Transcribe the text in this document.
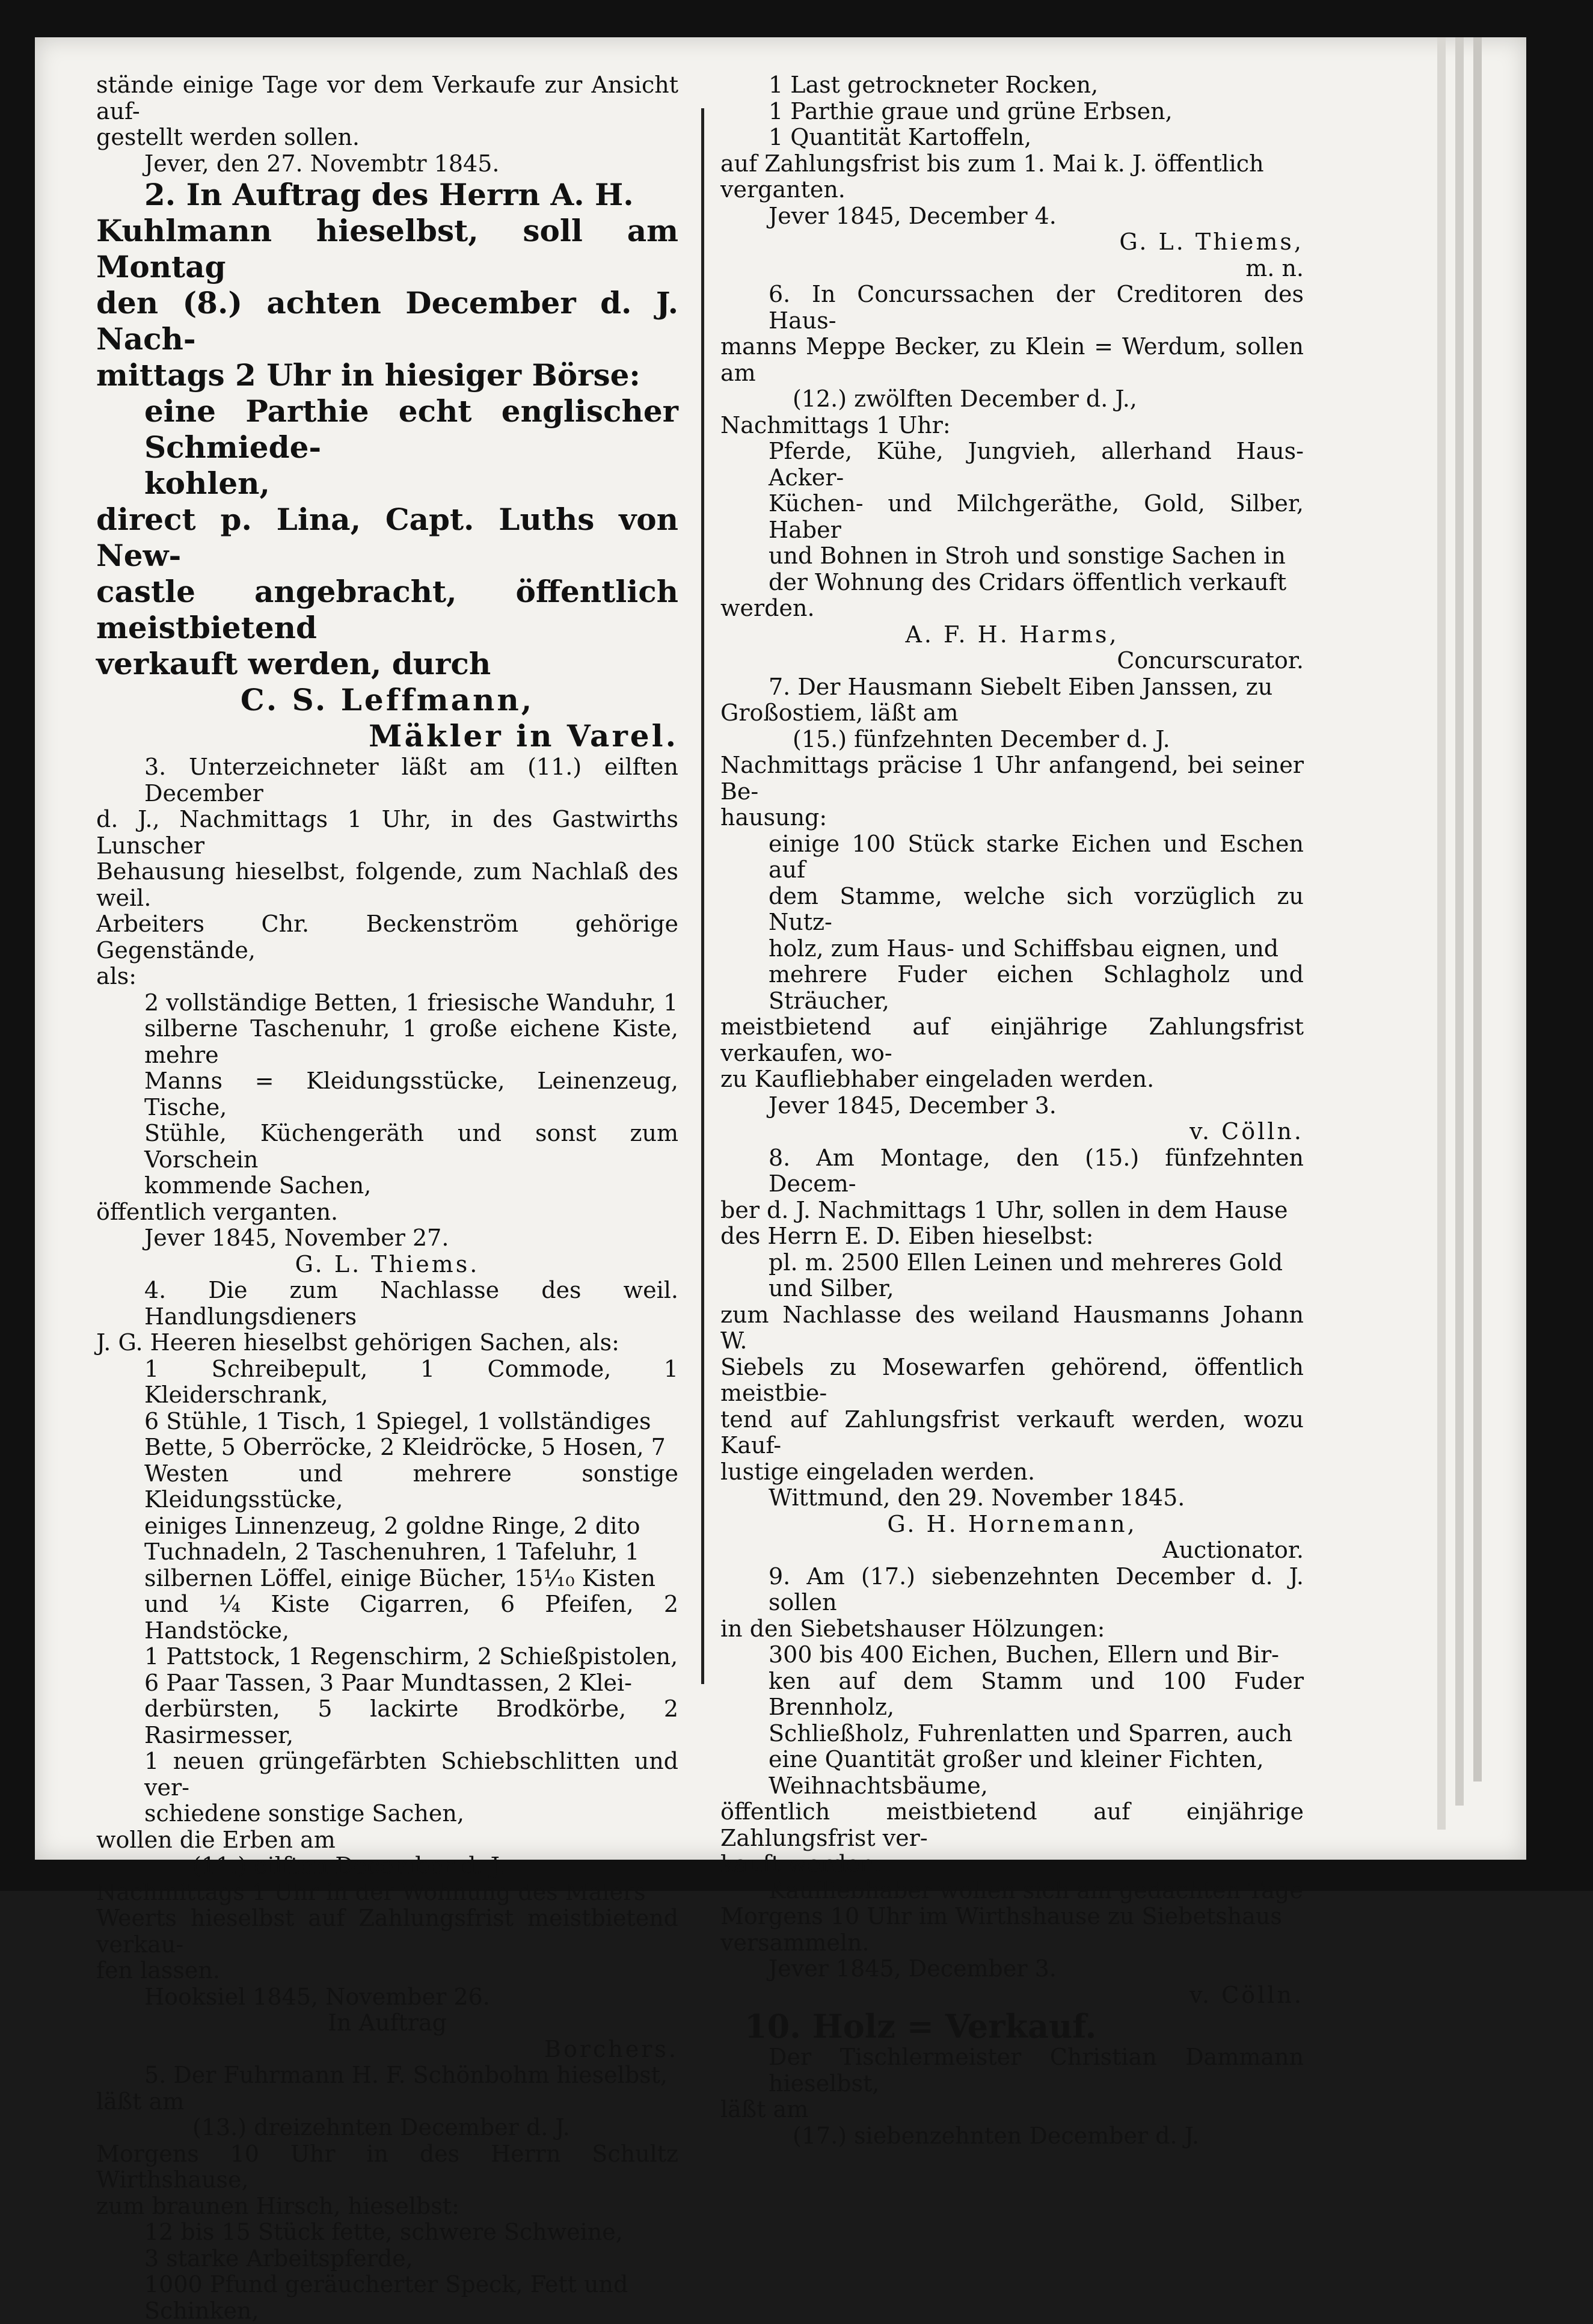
stände einige Tage vor dem Verkaufe zur Ansicht auf-
gestellt werden sollen.
Jever, den 27. Novembtr 1845.
2. In Auftrag des Herrn A. H.
Kuhlmann hieselbst, soll am Montag
den (8.) achten December d. J. Nach-
mittags 2 Uhr in hiesiger Börse:
eine Parthie echt englischer Schmiede-
kohlen,
direct p. Lina, Capt. Luths von New-
castle angebracht, öffentlich meistbietend
verkauft werden, durch
C. S. Leffmann,
Mäkler in Varel.
3. Unterzeichneter läßt am (11.) eilften December
d. J., Nachmittags 1 Uhr, in des Gastwirths Lunscher
Behausung hieselbst, folgende, zum Nachlaß des weil.
Arbeiters Chr. Beckenström gehörige Gegenstände,
als:
2 vollständige Betten, 1 friesische Wanduhr, 1
silberne Taschenuhr, 1 große eichene Kiste, mehre
Manns = Kleidungsstücke, Leinenzeug, Tische,
Stühle, Küchengeräth und sonst zum Vorschein
kommende Sachen,
öffentlich verganten.
Jever 1845, November 27.
G. L. Thiems.
4. Die zum Nachlasse des weil. Handlungsdieners
J. G. Heeren hieselbst gehörigen Sachen, als:
1 Schreibepult, 1 Commode, 1 Kleiderschrank,
6 Stühle, 1 Tisch, 1 Spiegel, 1 vollständiges
Bette, 5 Oberröcke, 2 Kleidröcke, 5 Hosen, 7
Westen und mehrere sonstige Kleidungsstücke,
einiges Linnenzeug, 2 goldne Ringe, 2 dito
Tuchnadeln, 2 Taschenuhren, 1 Tafeluhr, 1
silbernen Löffel, einige Bücher, 15¹⁄₁₀ Kisten
und ¼ Kiste Cigarren, 6 Pfeifen, 2 Handstöcke,
1 Pattstock, 1 Regenschirm, 2 Schießpistolen,
6 Paar Tassen, 3 Paar Mundtassen, 2 Klei-
derbürsten, 5 lackirte Brodkörbe, 2 Rasirmesser,
1 neuen grüngefärbten Schiebschlitten und ver-
schiedene sonstige Sachen,
wollen die Erben am
(11.) eilften December d. J.
Nachmittags 1 Uhr in der Wohnung des Malers
Weerts hieselbst auf Zahlungsfrist meistbietend verkau-
fen lassen.
Hooksiel 1845, November 26.
In Auftrag
Borchers.
5. Der Fuhrmann H. F. Schönbohm hieselbst,
läßt am
(13.) dreizehnten December d. J.
Morgens 10 Uhr in des Herrn Schultz Wirthshause,
zum braunen Hirsch, hieselbst:
12 bis 15 Stück fette, schwere Schweine,
3 starke Arbeitspferde,
1000 Pfund geräucherter Speck, Fett und
Schinken,
1 Last getrockneter Rocken,
1 Parthie graue und grüne Erbsen,
1 Quantität Kartoffeln,
auf Zahlungsfrist bis zum 1. Mai k. J. öffentlich
verganten.
Jever 1845, December 4.
G. L. Thiems,
m. n.
6. In Concurssachen der Creditoren des Haus-
manns Meppe Becker, zu Klein = Werdum, sollen am
(12.) zwölften December d. J.,
Nachmittags 1 Uhr:
Pferde, Kühe, Jungvieh, allerhand Haus- Acker-
Küchen- und Milchgeräthe, Gold, Silber, Haber
und Bohnen in Stroh und sonstige Sachen in
der Wohnung des Cridars öffentlich verkauft
werden.
A. F. H. Harms,
Concurscurator.
7. Der Hausmann Siebelt Eiben Janssen, zu
Großostiem, läßt am
(15.) fünfzehnten December d. J.
Nachmittags präcise 1 Uhr anfangend, bei seiner Be-
hausung:
einige 100 Stück starke Eichen und Eschen auf
dem Stamme, welche sich vorzüglich zu Nutz-
holz, zum Haus- und Schiffsbau eignen, und
mehrere Fuder eichen Schlagholz und Sträucher,
meistbietend auf einjährige Zahlungsfrist verkaufen, wo-
zu Kaufliebhaber eingeladen werden.
Jever 1845, December 3.
v. Cölln.
8. Am Montage, den (15.) fünfzehnten Decem-
ber d. J. Nachmittags 1 Uhr, sollen in dem Hause
des Herrn E. D. Eiben hieselbst:
pl. m. 2500 Ellen Leinen und mehreres Gold
und Silber,
zum Nachlasse des weiland Hausmanns Johann W.
Siebels zu Mosewarfen gehörend, öffentlich meistbie-
tend auf Zahlungsfrist verkauft werden, wozu Kauf-
lustige eingeladen werden.
Wittmund, den 29. November 1845.
G. H. Hornemann,
Auctionator.
9. Am (17.) siebenzehnten December d. J. sollen
in den Siebetshauser Hölzungen:
300 bis 400 Eichen, Buchen, Ellern und Bir-
ken auf dem Stamm und 100 Fuder Brennholz,
Schließholz, Fuhrenlatten und Sparren, auch
eine Quantität großer und kleiner Fichten,
Weihnachtsbäume,
öffentlich meistbietend auf einjährige Zahlungsfrist ver-
kauft werden.
Kaufliebhaber wollen sich am gedachten Tage
Morgens 10 Uhr im Wirthshause zu Siebetshaus
versammeln.
Jever 1845, December 3.
v. Cölln.
10. Holz = Verkauf.
Der Tischlermeister Christian Dammann hieselbst,
läßt am
(17.) siebenzehnten December d. J.
